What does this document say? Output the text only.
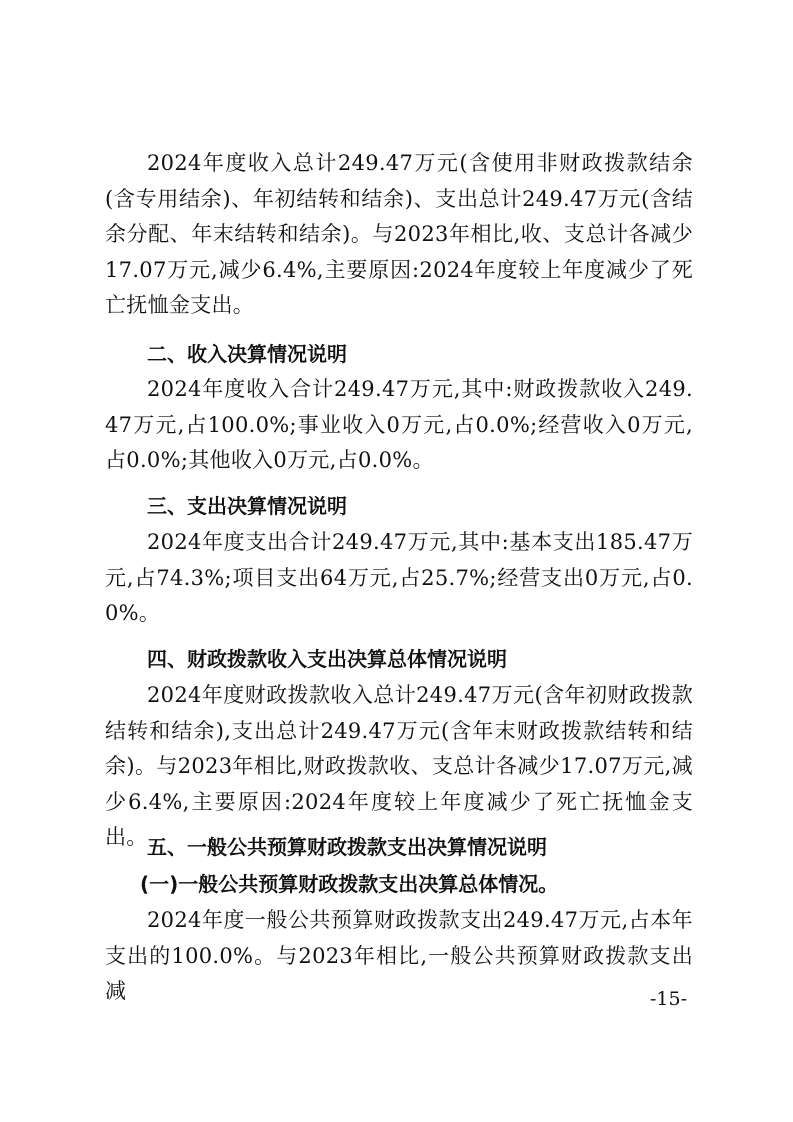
2024年度收入总计249.47万元(含使用非财政拨款结余(含专用结余)、年初结转和结余)、支出总计249.47万元(含结余分配、年末结转和结余)。与2023年相比,收、支总计各减少17.07万元,减少6.4%,主要原因:2024年度较上年度减少了死亡抚恤金支出。

二、收入决算情况说明

2024年度收入合计249.47万元,其中:财政拨款收入249.47万元,占100.0%;事业收入0万元,占0.0%;经营收入0万元,占0.0%;其他收入0万元,占0.0%。

三、支出决算情况说明

2024年度支出合计249.47万元,其中:基本支出185.47万元,占74.3%;项目支出64万元,占25.7%;经营支出0万元,占0.0%。

四、财政拨款收入支出决算总体情况说明

2024年度财政拨款收入总计249.47万元(含年初财政拨款结转和结余),支出总计249.47万元(含年末财政拨款结转和结余)。与2023年相比,财政拨款收、支总计各减少17.07万元,减少6.4%,主要原因:2024年度较上年度减少了死亡抚恤金支出。 五、一般公共预算财政拨款支出决算情况说明
(一)一般公共预算财政拨款支出决算总体情况。

2024年度一般公共预算财政拨款支出249.47万元,占本年支出的100.0%。与2023年相比,一般公共预算财政拨款支出减	-15-
